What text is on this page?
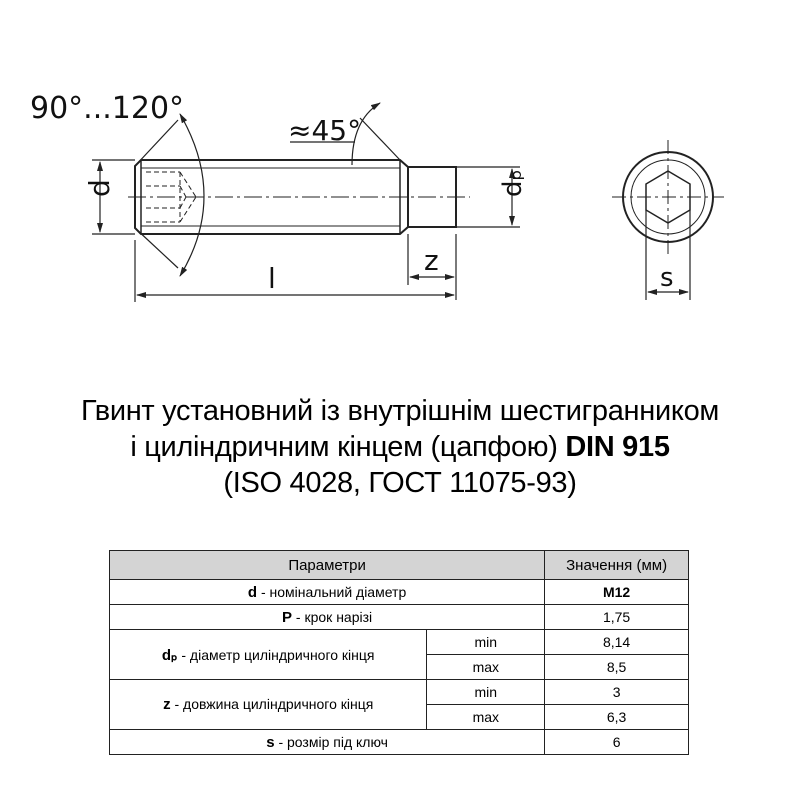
90°...120°
≈45°
d	dₚ
z
l	s
Гвинт установний із внутрішнім шестигранником
і циліндричним кінцем (цапфою) DIN 915
(ISO 4028, ГОСТ 11075-93)
Параметри		Значення (мм)
d - номінальний діаметр		M12
P - крок нарізі		1,75
dₚ - діаметр циліндричного кінця	min	8,14
	max	8,5
z - довжина циліндричного кінця	min	3
	max	6,3
s - розмір під ключ		6
